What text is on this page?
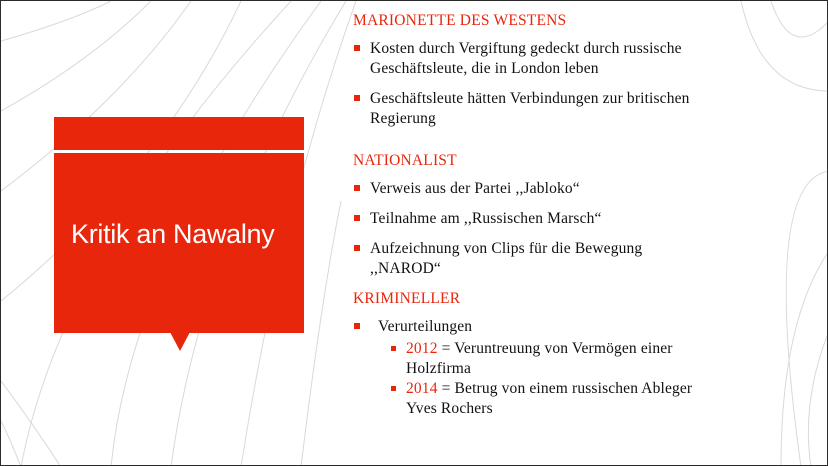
Kritik an Nawalny
MARIONETTE DES WESTENS
Kosten durch Vergiftung gedeckt durch russische
Geschäftsleute, die in London leben
Geschäftsleute hätten Verbindungen zur britischen
Regierung
NATIONALIST
Verweis aus der Partei ,,Jabloko“
Teilnahme am ,,Russischen Marsch“
Aufzeichnung von Clips für die Bewegung
,,NAROD“
KRIMINELLER
Verurteilungen
2012 = Veruntreuung von Vermögen einer
Holzfirma
2014 = Betrug von einem russischen Ableger
Yves Rochers
